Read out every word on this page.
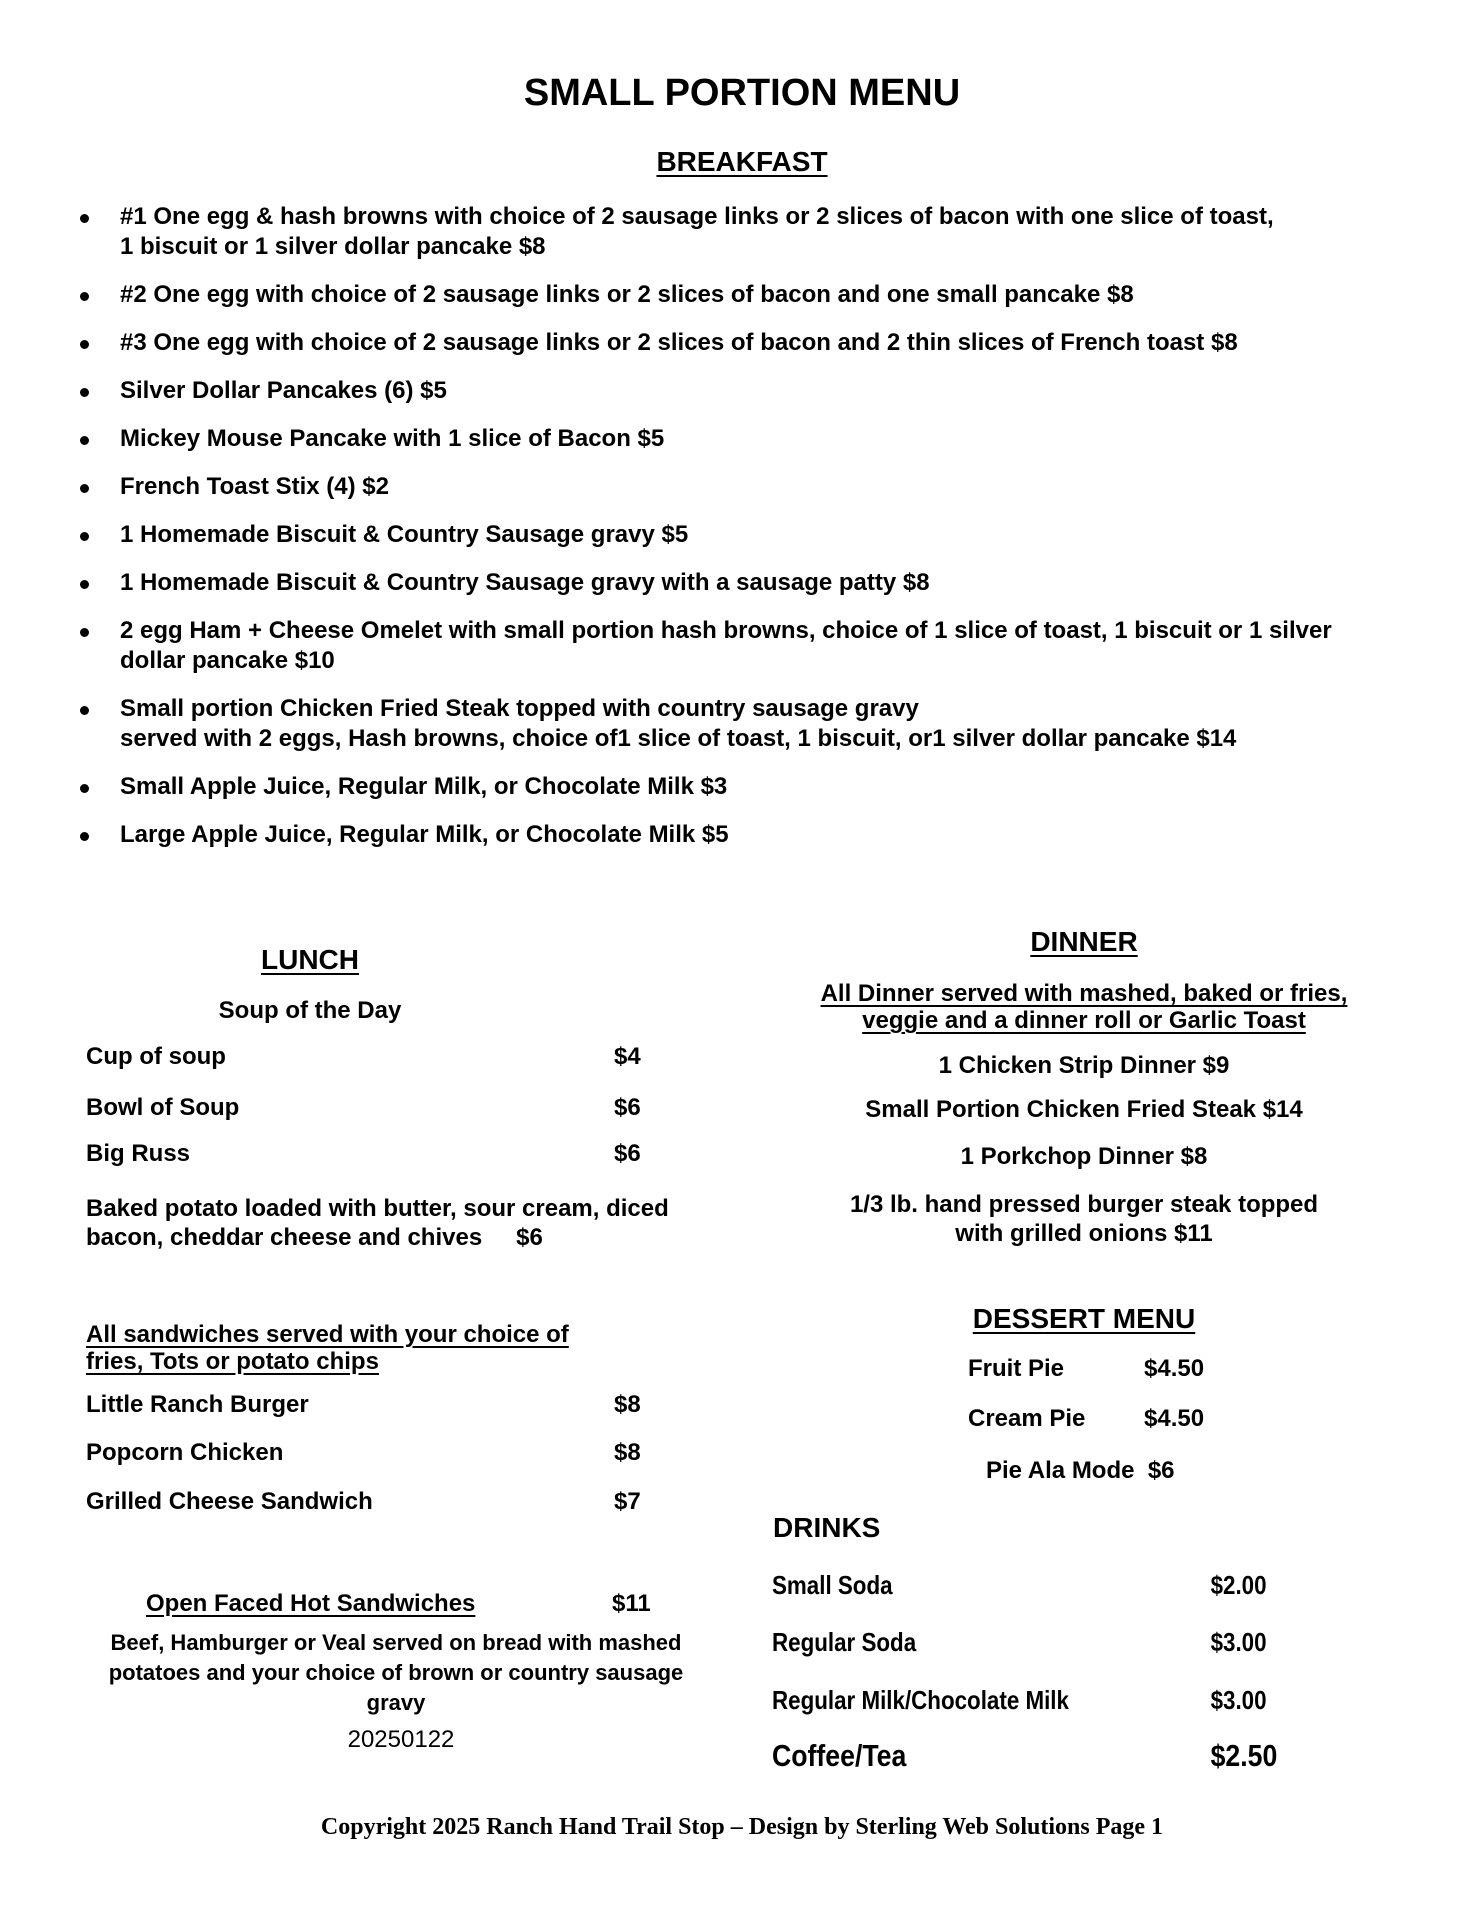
SMALL PORTION MENU
BREAKFAST
#1 One egg & hash browns with choice of 2 sausage links or 2 slices of bacon with one slice of toast,
1 biscuit or 1 silver dollar pancake $8
#2 One egg with choice of 2 sausage links or 2 slices of bacon and one small pancake $8
#3 One egg with choice of 2 sausage links or 2 slices of bacon and 2 thin slices of French toast $8
Silver Dollar Pancakes (6) $5
Mickey Mouse Pancake with 1 slice of Bacon $5
French Toast Stix (4) $2
1 Homemade Biscuit & Country Sausage gravy $5
1 Homemade Biscuit & Country Sausage gravy with a sausage patty $8
2 egg Ham + Cheese Omelet with small portion hash browns, choice of 1 slice of toast, 1 biscuit or 1 silver
dollar pancake $10
Small portion Chicken Fried Steak topped with country sausage gravy
served with 2 eggs, Hash browns, choice of1 slice of toast, 1 biscuit, or1 silver dollar pancake $14
Small Apple Juice, Regular Milk, or Chocolate Milk $3
Large Apple Juice, Regular Milk, or Chocolate Milk $5
LUNCH
Soup of the Day
Cup of soup	$4
Bowl of Soup	$6
Big Russ	$6
Baked potato loaded with butter, sour cream, diced
bacon, cheddar cheese and chives $6
All sandwiches served with your choice of
fries, Tots or potato chips
Little Ranch Burger	$8
Popcorn Chicken	$8
Grilled Cheese Sandwich	$7
Open Faced Hot Sandwiches	$11
Beef, Hamburger or Veal served on bread with mashed
potatoes and your choice of brown or country sausage gravy
20250122
DINNER
All Dinner served with mashed, baked or fries,
veggie and a dinner roll or Garlic Toast
1 Chicken Strip Dinner $9
Small Portion Chicken Fried Steak $14
1 Porkchop Dinner $8
1/3 lb. hand pressed burger steak topped
with grilled onions $11
DESSERT MENU
Fruit Pie	$4.50
Cream Pie $4.50
Pie Ala Mode  $6
DRINKS
Small Soda	$2.00
Regular Soda	$3.00
Regular Milk/Chocolate Milk	$3.00
Coffee/Tea	$2.50
Copyright 2025 Ranch Hand Trail Stop – Design by Sterling Web Solutions Page 1
